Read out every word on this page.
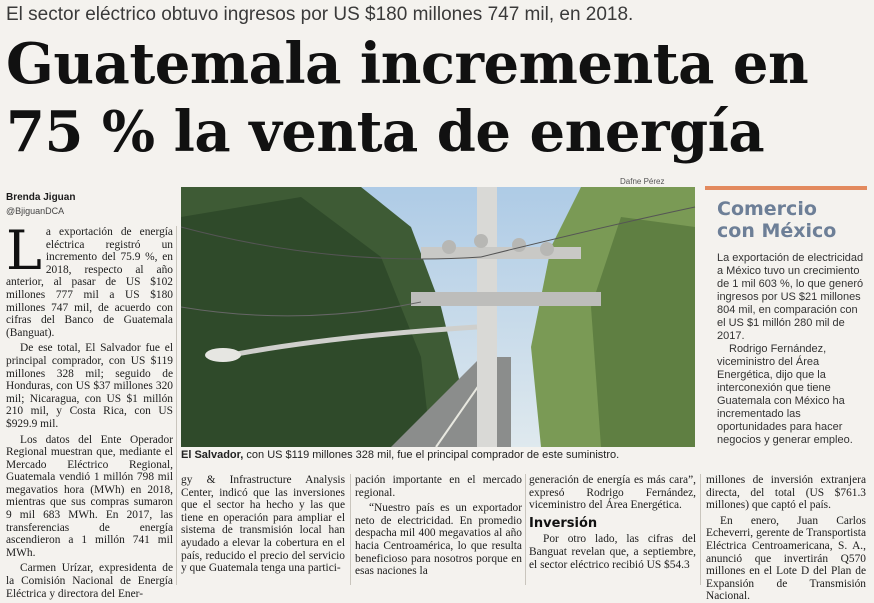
El sector eléctrico obtuvo ingresos por US $180 millones 747 mil, en 2018.
Guatemala incrementa en
75 % la venta de energía
Brenda Jiguan
@BjiguanDCA

La exportación de energía eléctrica registró un incremento del 75.9 %, en 2018, respecto al año anterior, al pasar de US $102 millones 777 mil a US $180 millones 747 mil, de acuerdo con cifras del Banco de Guatemala (Banguat).

De ese total, El Salvador fue el principal comprador, con US $119 millones 328 mil; seguido de Honduras, con US $37 millones 320 mil; Nicaragua, con US $1 millón 210 mil, y Costa Rica, con US $929.9 mil.

Los datos del Ente Operador Regional muestran que, mediante el Mercado Eléctrico Regional, Guatemala vendió 1 millón 798 mil megavatios hora (MWh) en 2018, mientras que sus compras sumaron 9 mil 683 MWh. En 2017, las transferencias de energía ascendieron a 1 millón 741 mil MWh.

Carmen Urízar, expresidenta de la Comisión Nacional de Energía Eléctrica y directora del Ener-

Dafne Pérez
El Salvador, con US $119 millones 328 mil, fue el principal comprador de este suministro.
Comercio
con México

La exportación de electricidad a México tuvo un crecimiento de 1 mil 603 %, lo que generó ingresos por US $21 millones 804 mil, en comparación con el US $1 millón 280 mil de 2017.

Rodrigo Fernández, viceministro del Área Energética, dijo que la interconexión que tiene Guatemala con México ha incrementado las oportunidades para hacer negocios y generar empleo.

gy & Infrastructure Analysis Center, indicó que las inversiones que el sector ha hecho y las que tiene en operación para ampliar el sistema de transmisión local han ayudado a elevar la cobertura en el país, reducido el precio del servicio y que Guatemala tenga una partici-

pación importante en el mercado regional.

“Nuestro país es un exportador neto de electricidad. En promedio despacha mil 400 megavatios al año hacia Centroamérica, lo que resulta beneficioso para nosotros porque en esas naciones la

generación de energía es más cara”, expresó Rodrigo Fernández, viceministro del Área Energética.

Inversión

Por otro lado, las cifras del Banguat revelan que, a septiembre, el sector eléctrico recibió US $54.3

millones de inversión extranjera directa, del total (US $761.3 millones) que captó el país.

En enero, Juan Carlos Echeverri, gerente de Transportista Eléctrica Centroamericana, S. A., anunció que invertirán Q570 millones en el Lote D del Plan de Expansión de Transmisión Nacional.
